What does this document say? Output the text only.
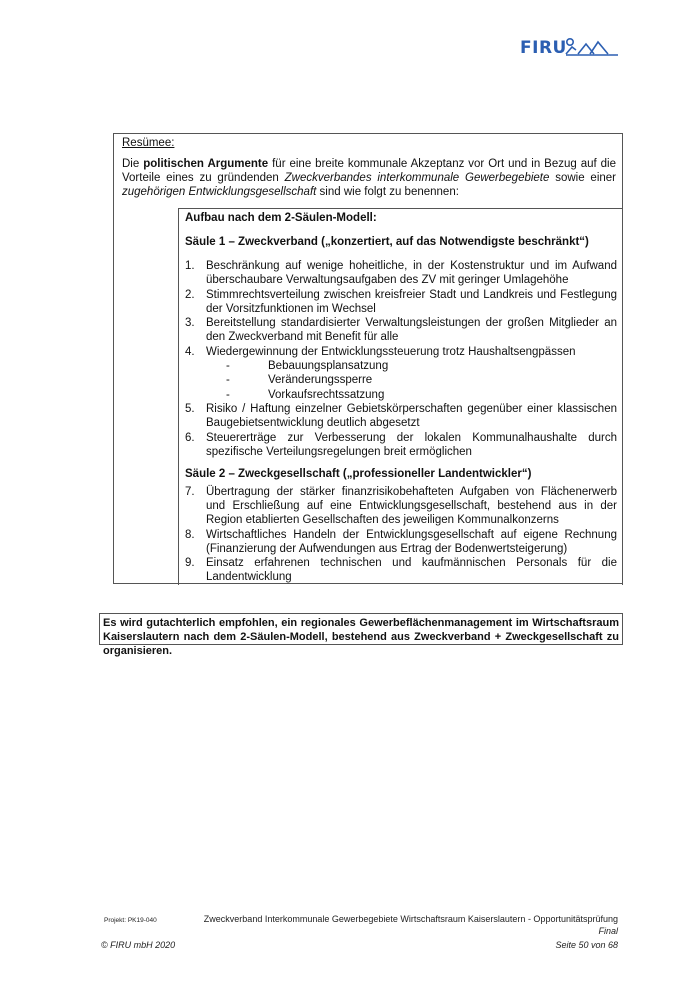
FIRU
Resümee:
Die politischen Argumente für eine breite kommunale Akzeptanz vor Ort und in Bezug auf die Vorteile eines zu gründenden Zweckverbandes interkommunale Gewerbegebiete sowie einer zugehörigen Entwicklungsgesellschaft sind wie folgt zu benennen:
Aufbau nach dem 2-Säulen-Modell:
Säule 1 – Zweckverband („konzertiert, auf das Notwendigste beschränkt“)
1. Beschränkung auf wenige hoheitliche, in der Kostenstruktur und im Aufwand überschaubare Verwaltungsaufgaben des ZV mit geringer Umlagehöhe
2. Stimmrechtsverteilung zwischen kreisfreier Stadt und Landkreis und Festlegung der Vorsitzfunktionen im Wechsel
3. Bereitstellung standardisierter Verwaltungsleistungen der großen Mitglieder an den Zweckverband mit Benefit für alle
4. Wiedergewinnung der Entwicklungssteuerung trotz Haushaltsengpässen
-	Bebauungsplansatzung
-	Veränderungssperre
-	Vorkaufsrechtssatzung
5. Risiko / Haftung einzelner Gebietskörperschaften gegenüber einer klassischen Baugebietsentwicklung deutlich abgesetzt
6. Steuererträge zur Verbesserung der lokalen Kommunalhaushalte durch spezifische Verteilungsregelungen breit ermöglichen
Säule 2 – Zweckgesellschaft („professioneller Landentwickler“)
7. Übertragung der stärker finanzrisikobehafteten Aufgaben von Flächenerwerb und Erschließung auf eine Entwicklungsgesellschaft, bestehend aus in der Region etablierten Gesellschaften des jeweiligen Kommunalkonzerns
8. Wirtschaftliches Handeln der Entwicklungsgesellschaft auf eigene Rechnung (Finanzierung der Aufwendungen aus Ertrag der Bodenwertsteigerung)
9. Einsatz erfahrenen technischen und kaufmännischen Personals für die Landentwicklung
Es wird gutachterlich empfohlen, ein regionales Gewerbeflächenmanagement im Wirtschaftsraum Kaiserslautern nach dem 2-Säulen-Modell, bestehend aus Zweckverband + Zweckgesellschaft zu organisieren.
Projekt: PK19-040	Zweckverband Interkommunale Gewerbegebiete Wirtschaftsraum Kaiserslautern - Opportunitätsprüfung
Final
© FIRU mbH 2020	Seite 50 von 68
